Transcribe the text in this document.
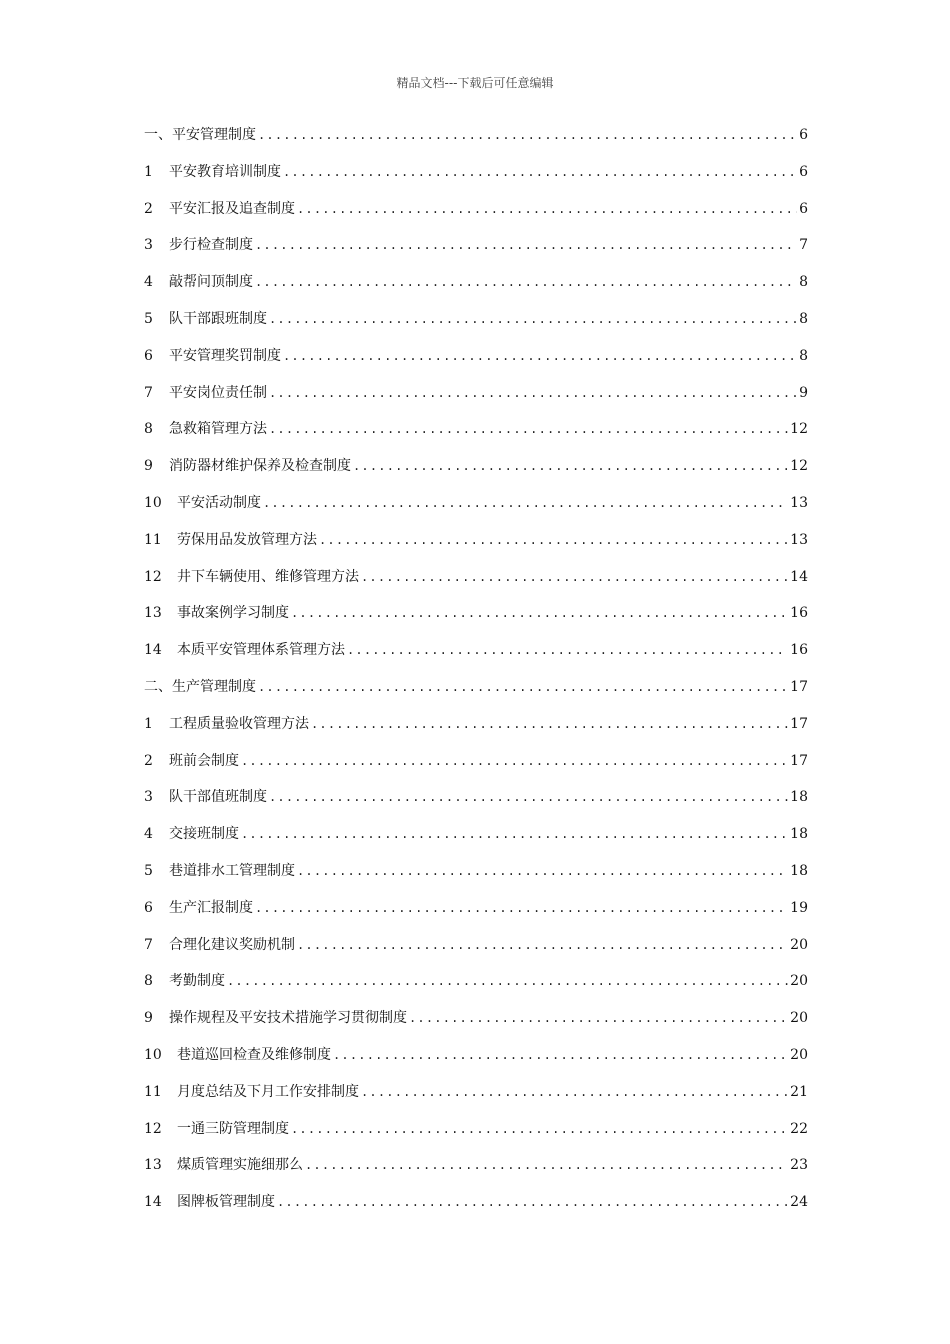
精品文档---下载后可任意编辑
一、平安管理制度 .....	6
1	平安教育培训制度 .....	6
2	平安汇报及追查制度 .....	6
3	步行检查制度 .....	7
4	敲帮问顶制度 .....	8
5	队干部跟班制度 .....	8
6	平安管理奖罚制度 .....	8
7	平安岗位责任制 .....	9
8	急救箱管理方法 .....	12
9	消防器材维护保养及检查制度 .....	12
10	平安活动制度 .....	13
11	劳保用品发放管理方法 .....	13
12	井下车辆使用、维修管理方法 .....	14
13	事故案例学习制度 .....	16
14	本质平安管理体系管理方法 .....	16
二、生产管理制度 .....	17
1	工程质量验收管理方法 .....	17
2	班前会制度 .....	17
3	队干部值班制度 .....	18
4	交接班制度 .....	18
5	巷道排水工管理制度 .....	18
6	生产汇报制度 .....	19
7	合理化建议奖励机制 .....	20
8	考勤制度 .....	20
9	操作规程及平安技术措施学习贯彻制度 .....	20
10	巷道巡回检查及维修制度 .....	20
11	月度总结及下月工作安排制度 .....	21
12	一通三防管理制度 .....	22
13	煤质管理实施细那么 .....	23
14	图牌板管理制度 .....	24
